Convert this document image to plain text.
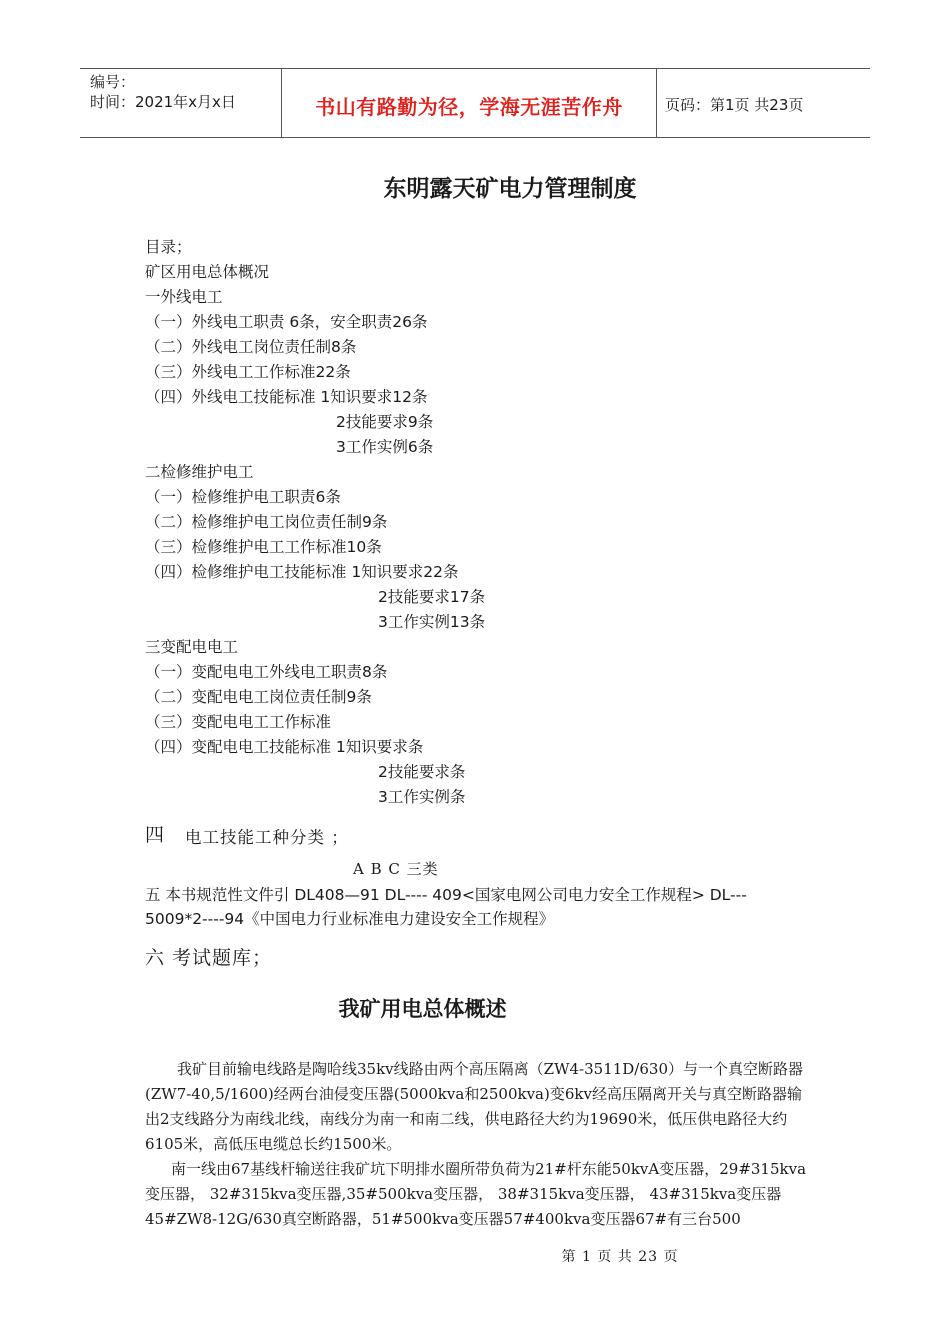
编号：
时间：2021年x月x日	书山有路勤为径，学海无涯苦作舟	页码：第1页 共23页
东明露天矿电力管理制度
目录；
矿区用电总体概况
一外线电工
（一）外线电工职责 6条，安全职责26条
（二）外线电工岗位责任制8条
（三）外线电工工作标准22条
（四）外线电工技能标准 1知识要求12条
2技能要求9条
3工作实例6条
二检修维护电工
（一）检修维护电工职责6条
（二）检修维护电工岗位责任制9条
（三）检修维护电工工作标准10条
（四）检修维护电工技能标准 1知识要求22条
2技能要求17条
3工作实例13条
三变配电电工
（一）变配电电工外线电工职责8条
（二）变配电电工岗位责任制9条
（三）变配电电工工作标准
（四）变配电电工技能标准 1知识要求条
2技能要求条
3工作实例条
四 电工技能工种分类 ；
A B C 三类
五 本书规范性文件引 DL408—91 DL---- 409<国家电网公司电力安全工作规程> DL---
5009*2----94《中国电力行业标准电力建设安全工作规程》
六 考试题库；
我矿用电总体概述
我矿目前输电线路是陶哈线35kv线路由两个高压隔离（ZW4-3511D/630）与一个真空断路器(ZW7-40,5/1600)经两台油侵变压器(5000kva和2500kva)变6kv经高压隔离开关与真空断路器输出2支线路分为南线北线，南线分为南一和南二线，供电路径大约为19690米，低压供电路径大约6105米，高低压电缆总长约1500米。
南一线由67基线杆输送往我矿坑下明排水圈所带负荷为21#杆东能50kvA变压器，29#315kva变压器， 32#315kva变压器,35#500kva变压器， 38#315kva变压器， 43#315kva变压器45#ZW8-12G/630真空断路器，51#500kva变压器57#400kva变压器67#有三台500
第 1 页 共 23 页
